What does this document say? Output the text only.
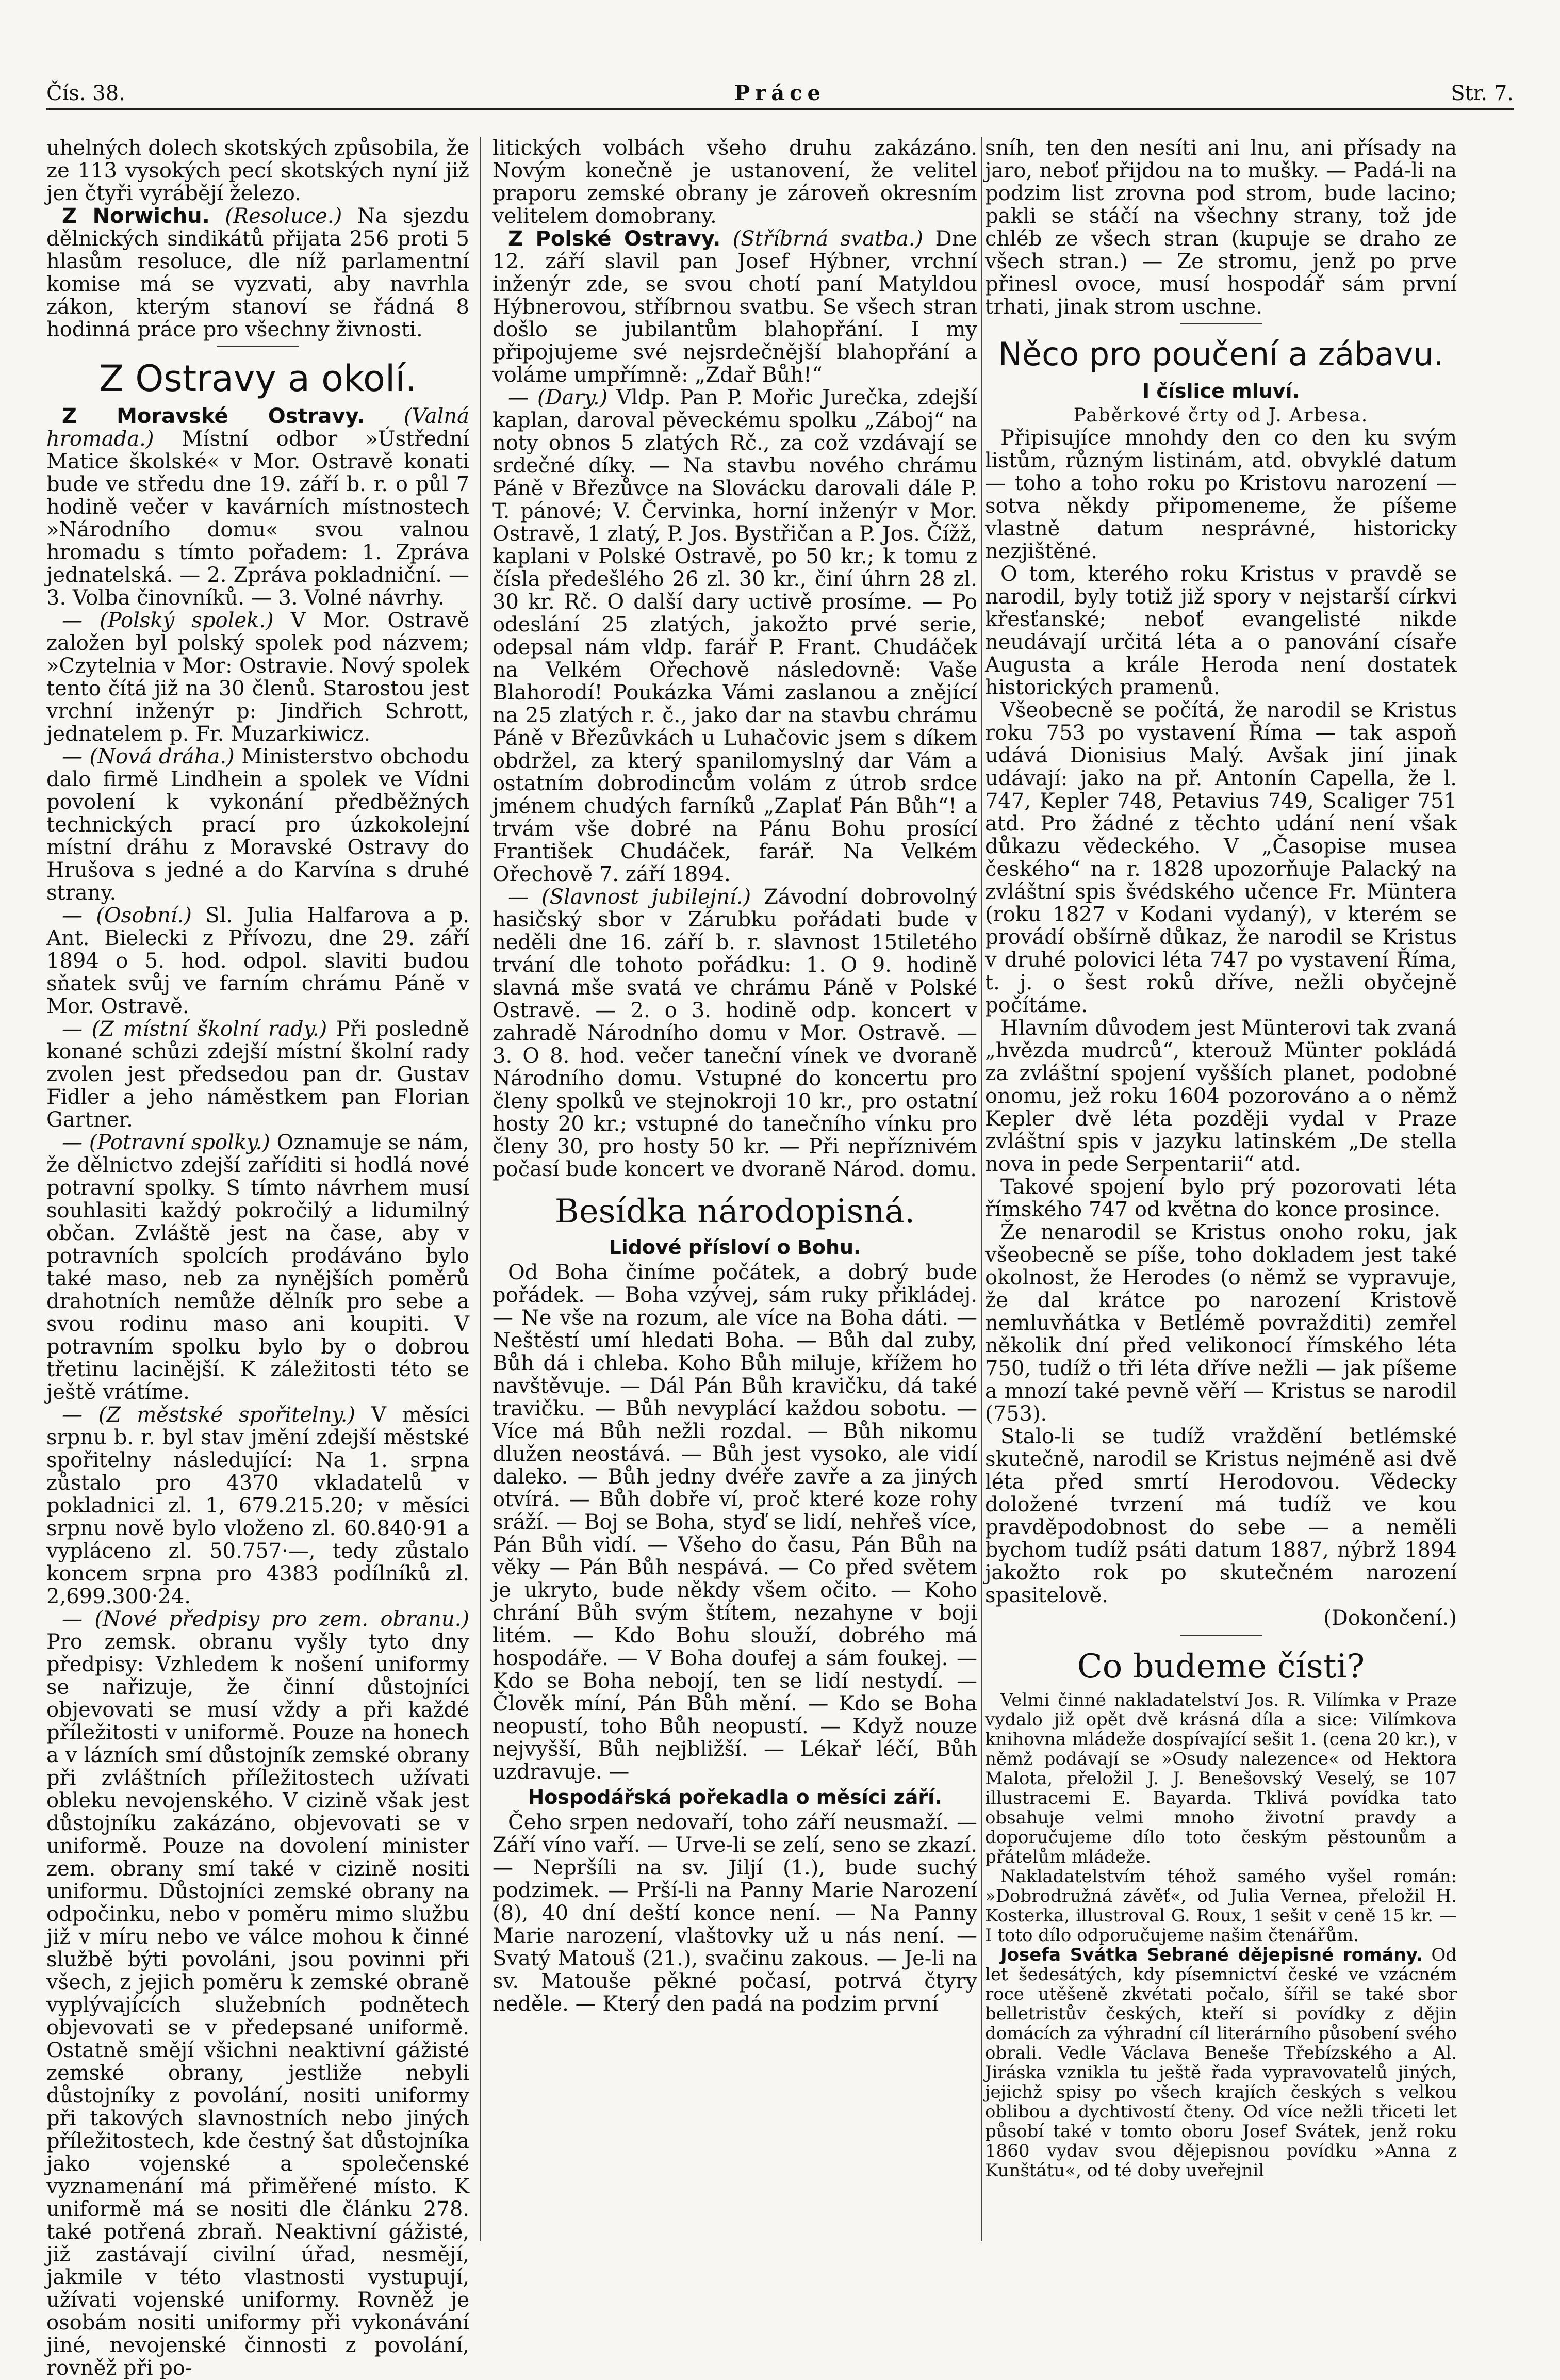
Čís. 38.	Práce	Str. 7.

uhelných dolech skotských způsobila, že ze 113 vysokých pecí skotských nyní již jen čtyři vyrábějí železo.

Z Norwichu. (Resoluce.) Na sjezdu dělnických sindikátů přijata 256 proti 5 hlasům resoluce, dle níž parlamentní komise má se vyzvati, aby navrhla zákon, kterým stanoví se řádná 8 hodinná práce pro všechny živnosti.

Z Ostravy a okolí.

Z Moravské Ostravy. (Valná hromada.) Místní odbor »Ústřední Matice školské« v Mor. Ostravě konati bude ve středu dne 19. září b. r. o půl 7 hodině večer v kavárních místnostech »Národního domu« svou valnou hromadu s tímto pořadem: 1. Zpráva jednatelská. — 2. Zpráva pokladniční. — 3. Volba činovníků. — 3. Volné návrhy.

— (Polský spolek.) V Mor. Ostravě založen byl polský spolek pod názvem; »Czytelnia v Mor: Ostravie. Nový spolek tento čítá již na 30 členů. Starostou jest vrchní inženýr p: Jindřich Schrott, jednatelem p. Fr. Muzarkiwicz.

— (Nová dráha.) Ministerstvo obchodu dalo firmě Lindhein a spolek ve Vídni povolení k vykonání předběžných technických prací pro úzkokolejní místní dráhu z Moravské Ostravy do Hrušova s jedné a do Karvína s druhé strany.

— (Osobní.) Sl. Julia Halfarova a p. Ant. Bielecki z Přívozu, dne 29. září 1894 o 5. hod. odpol. slaviti budou sňatek svůj ve farním chrámu Páně v Mor. Ostravě.

— (Z místní školní rady.) Při posledně konané schůzi zdejší místní školní rady zvolen jest předsedou pan dr. Gustav Fidler a jeho náměstkem pan Florian Gartner.

— (Potravní spolky.) Oznamuje se nám, že dělnictvo zdejší zaříditi si hodlá nové potravní spolky. S tímto návrhem musí souhlasiti každý pokročilý a lidumilný občan. Zvláště jest na čase, aby v potravních spolcích prodáváno bylo také maso, neb za nynějších poměrů drahotních nemůže dělník pro sebe a svou rodinu maso ani koupiti. V potravním spolku bylo by o dobrou třetinu lacinější. K záležitosti této se ještě vrátíme.

— (Z městské spořitelny.) V měsíci srpnu b. r. byl stav jmění zdejší městské spořitelny následující: Na 1. srpna zůstalo pro 4370 vkladatelů v pokladnici zl. 1, 679.215.20; v měsíci srpnu nově bylo vloženo zl. 60.840·91 a vypláceno zl. 50.757·—, tedy zůstalo koncem srpna pro 4383 podílníků zl. 2,699.300·24.

— (Nové předpisy pro zem. obranu.) Pro zemsk. obranu vyšly tyto dny předpisy: Vzhledem k nošení uniformy se nařizuje, že činní důstojníci objevovati se musí vždy a při každé příležitosti v uniformě. Pouze na honech a v lázních smí důstojník zemské obrany při zvláštních příležitostech užívati obleku nevojenského. V cizině však jest důstojníku zakázáno, objevovati se v uniformě. Pouze na dovolení minister zem. obrany smí také v cizině nositi uniformu. Důstojníci zemské obrany na odpočinku, nebo v poměru mimo službu již v míru nebo ve válce mohou k činné službě býti povoláni, jsou povinni při všech, z jejich poměru k zemské obraně vyplývajících služebních podnětech objevovati se v předepsané uniformě. Ostatně smějí všichni neaktivní gážisté zemské obrany, jestliže nebyli důstojníky z povolání, nositi uniformy při takových slavnostních nebo jiných příležitostech, kde čestný šat důstojníka jako vojenské a společenské vyznamenání má přiměřené místo. K uniformě má se nositi dle článku 278. také potřená zbraň. Neaktivní gážisté, již zastávají civilní úřad, nesmějí, jakmile v této vlastnosti vystupují, užívati vojenské uniformy. Rovněž je osobám nositi uniformy při vykonávání jiné, nevojenské činnosti z povolání, rovněž při po-

litických volbách všeho druhu zakázáno. Novým konečně je ustanovení, že velitel praporu zemské obrany je zároveň okresním velitelem domobrany.

Z Polské Ostravy. (Stříbrná svatba.) Dne 12. září slavil pan Josef Hýbner, vrchní inženýr zde, se svou chotí paní Matyldou Hýbnerovou, stříbrnou svatbu. Se všech stran došlo se jubilantům blahopřání. I my připojujeme své nejsrdečnější blahopřání a voláme umpřímně: „Zdař Bůh!“

— (Dary.) Vldp. Pan P. Mořic Jurečka, zdejší kaplan, daroval pěveckému spolku „Záboj“ na noty obnos 5 zlatých Rč., za což vzdávají se srdečné díky. — Na stavbu nového chrámu Páně v Březůvce na Slovácku darovali dále P. T. pánové; V. Červinka, horní inženýr v Mor. Ostravě, 1 zlatý, P. Jos. Bystřičan a P. Jos. Čížž, kaplani v Polské Ostravě, po 50 kr.; k tomu z čísla předešlého 26 zl. 30 kr., činí úhrn 28 zl. 30 kr. Rč. O další dary uctivě prosíme. — Po odeslání 25 zlatých, jakožto prvé serie, odepsal nám vldp. farář P. Frant. Chudáček na Velkém Ořechově následovně: Vaše Blahorodí! Poukázka Vámi zaslanou a znějící na 25 zlatých r. č., jako dar na stavbu chrámu Páně v Březůvkách u Luhačovic jsem s díkem obdržel, za který spanilomyslný dar Vám a ostatním dobrodincům volám z útrob srdce jménem chudých farníků „Zaplať Pán Bůh“! a trvám vše dobré na Pánu Bohu prosící František Chudáček, farář. Na Velkém Ořechově 7. září 1894.

— (Slavnost jubilejní.) Závodní dobrovolný hasičský sbor v Zárubku pořádati bude v neděli dne 16. září b. r. slavnost 15tiletého trvání dle tohoto pořádku: 1. O 9. hodině slavná mše svatá ve chrámu Páně v Polské Ostravě. — 2. o 3. hodině odp. koncert v zahradě Národního domu v Mor. Ostravě. — 3. O 8. hod. večer taneční vínek ve dvoraně Národního domu. Vstupné do koncertu pro členy spolků ve stejnokroji 10 kr., pro ostatní hosty 20 kr.; vstupné do tanečního vínku pro členy 30, pro hosty 50 kr. — Při nepříznivém počasí bude koncert ve dvoraně Národ. domu.

Besídka národopisná.
Lidové přísloví o Bohu.

Od Boha činíme počátek, a dobrý bude pořádek. — Boha vzývej, sám ruky přikládej. — Ne vše na rozum, ale více na Boha dáti. — Neštěstí umí hledati Boha. — Bůh dal zuby, Bůh dá i chleba. Koho Bůh miluje, křížem ho navštěvuje. — Dál Pán Bůh kravičku, dá také travičku. — Bůh nevyplácí každou sobotu. — Více má Bůh nežli rozdal. — Bůh nikomu dlužen neostává. — Bůh jest vysoko, ale vidí daleko. — Bůh jedny dvéře zavře a za jiných otvírá. — Bůh dobře ví, proč které koze rohy sráží. — Boj se Boha, styď se lidí, nehřeš více, Pán Bůh vidí. — Všeho do času, Pán Bůh na věky — Pán Bůh nespává. — Co před světem je ukryto, bude někdy všem očito. — Koho chrání Bůh svým štítem, nezahyne v boji litém. — Kdo Bohu slouží, dobrého má hospodáře. — V Boha doufej a sám foukej. — Kdo se Boha nebojí, ten se lidí nestydí. — Člověk míní, Pán Bůh mění. — Kdo se Boha neopustí, toho Bůh neopustí. — Když nouze nejvyšší, Bůh nejbližší. — Lékař léčí, Bůh uzdravuje. —

Hospodářská pořekadla o měsíci září.

Čeho srpen nedovaří, toho září neusmaží. — Září víno vaří. — Urve-li se zelí, seno se zkazí. — Nepršíli na sv. Jiljí (1.), bude suchý podzimek. — Prší-li na Panny Marie Narození (8), 40 dní deští konce není. — Na Panny Marie narození, vlaštovky už u nás není. — Svatý Matouš (21.), svačinu zakous. — Je-li na sv. Matouše pěkné počasí, potrvá čtyry neděle. — Který den padá na podzim první

sníh, ten den nesíti ani lnu, ani přísady na jaro, neboť přijdou na to mušky. — Padá-li na podzim list zrovna pod strom, bude lacino; pakli se stáčí na všechny strany, tož jde chléb ze všech stran (kupuje se draho ze všech stran.) — Ze stromu, jenž po prve přinesl ovoce, musí hospodář sám první trhati, jinak strom uschne.

Něco pro poučení a zábavu.
I číslice mluví.
Paběrkové črty od J. Arbesa.

Připisujíce mnohdy den co den ku svým listům, různým listinám, atd. obvyklé datum — toho a toho roku po Kristovu narození — sotva někdy připomeneme, že píšeme vlastně datum nesprávné, historicky nezjištěné.

O tom, kterého roku Kristus v pravdě se narodil, byly totiž již spory v nejstarší církvi křesťanské; neboť evangelisté nikde neudávají určitá léta a o panování císaře Augusta a krále Heroda není dostatek historických pramenů.

Všeobecně se počítá, že narodil se Kristus roku 753 po vystavení Říma — tak aspoň udává Dionisius Malý. Avšak jiní jinak udávají: jako na př. Antonín Capella, že l. 747, Kepler 748, Petavius 749, Scaliger 751 atd. Pro žádné z těchto udání není však důkazu vědeckého. V „Časopise musea českého“ na r. 1828 upozorňuje Palacký na zvláštní spis švédského učence Fr. Müntera (roku 1827 v Kodani vydaný), v kterém se provádí obšírně důkaz, že narodil se Kristus v druhé polovici léta 747 po vystavení Říma, t. j. o šest roků dříve, nežli obyčejně počítáme.

Hlavním důvodem jest Münterovi tak zvaná „hvězda mudrců“, kterouž Münter pokládá za zvláštní spojení vyšších planet, podobné onomu, jež roku 1604 pozorováno a o němž Kepler dvě léta později vydal v Praze zvláštní spis v jazyku latinském „De stella nova in pede Serpentarii“ atd.

Takové spojení bylo prý pozorovati léta římského 747 od května do konce prosince.

Že nenarodil se Kristus onoho roku, jak všeobecně se píše, toho dokladem jest také okolnost, že Herodes (o němž se vypravuje, že dal krátce po narození Kristově nemluvňátka v Betlémě povražditi) zemřel několik dní před velikonocí římského léta 750, tudíž o tři léta dříve nežli — jak píšeme a mnozí také pevně věří — Kristus se narodil (753).

Stalo-li se tudíž vraždění betlémské skutečně, narodil se Kristus nejméně asi dvě léta před smrtí Herodovou. Vědecky doložené tvrzení má tudíž ve kou pravděpodobnost do sebe — a neměli bychom tudíž psáti datum 1887, nýbrž 1894 jakožto rok po skutečném narození spasitelově.

(Dokončení.)
Co budeme čísti?

Velmi činné nakladatelství Jos. R. Vilímka v Praze vydalo již opět dvě krásná díla a sice: Vilímkova knihovna mládeže dospívající sešit 1. (cena 20 kr.), v němž podávají se »Osudy nalezence« od Hektora Malota, přeložil J. J. Benešovský Veselý, se 107 illustracemi E. Bayarda. Tklivá povídka tato obsahuje velmi mnoho životní pravdy a doporučujeme dílo toto českým pěstounům a přátelům mládeže.

Nakladatelstvím téhož samého vyšel román: »Dobrodružná závěť«, od Julia Vernea, přeložil H. Kosterka, illustroval G. Roux, 1 sešit v ceně 15 kr. — I toto dílo odporučujeme našim čtenářům.

Josefa Svátka Sebrané dějepisné romány. Od let šedesátých, kdy písemnictví české ve vzácném roce utěšeně zkvétati počalo, šířil se také sbor belletristův českých, kteří si povídky z dějin domácích za výhradní cíl literárního působení svého obrali. Vedle Václava Beneše Třebízského a Al. Jiráska vznikla tu ještě řada vypravovatelů jiných, jejichž spisy po všech krajích českých s velkou oblibou a dychtivostí čteny. Od více nežli třiceti let působí také v tomto oboru Josef Svátek, jenž roku 1860 vydav svou dějepisnou povídku »Anna z Kunštátu«, od té doby uveřejnil
